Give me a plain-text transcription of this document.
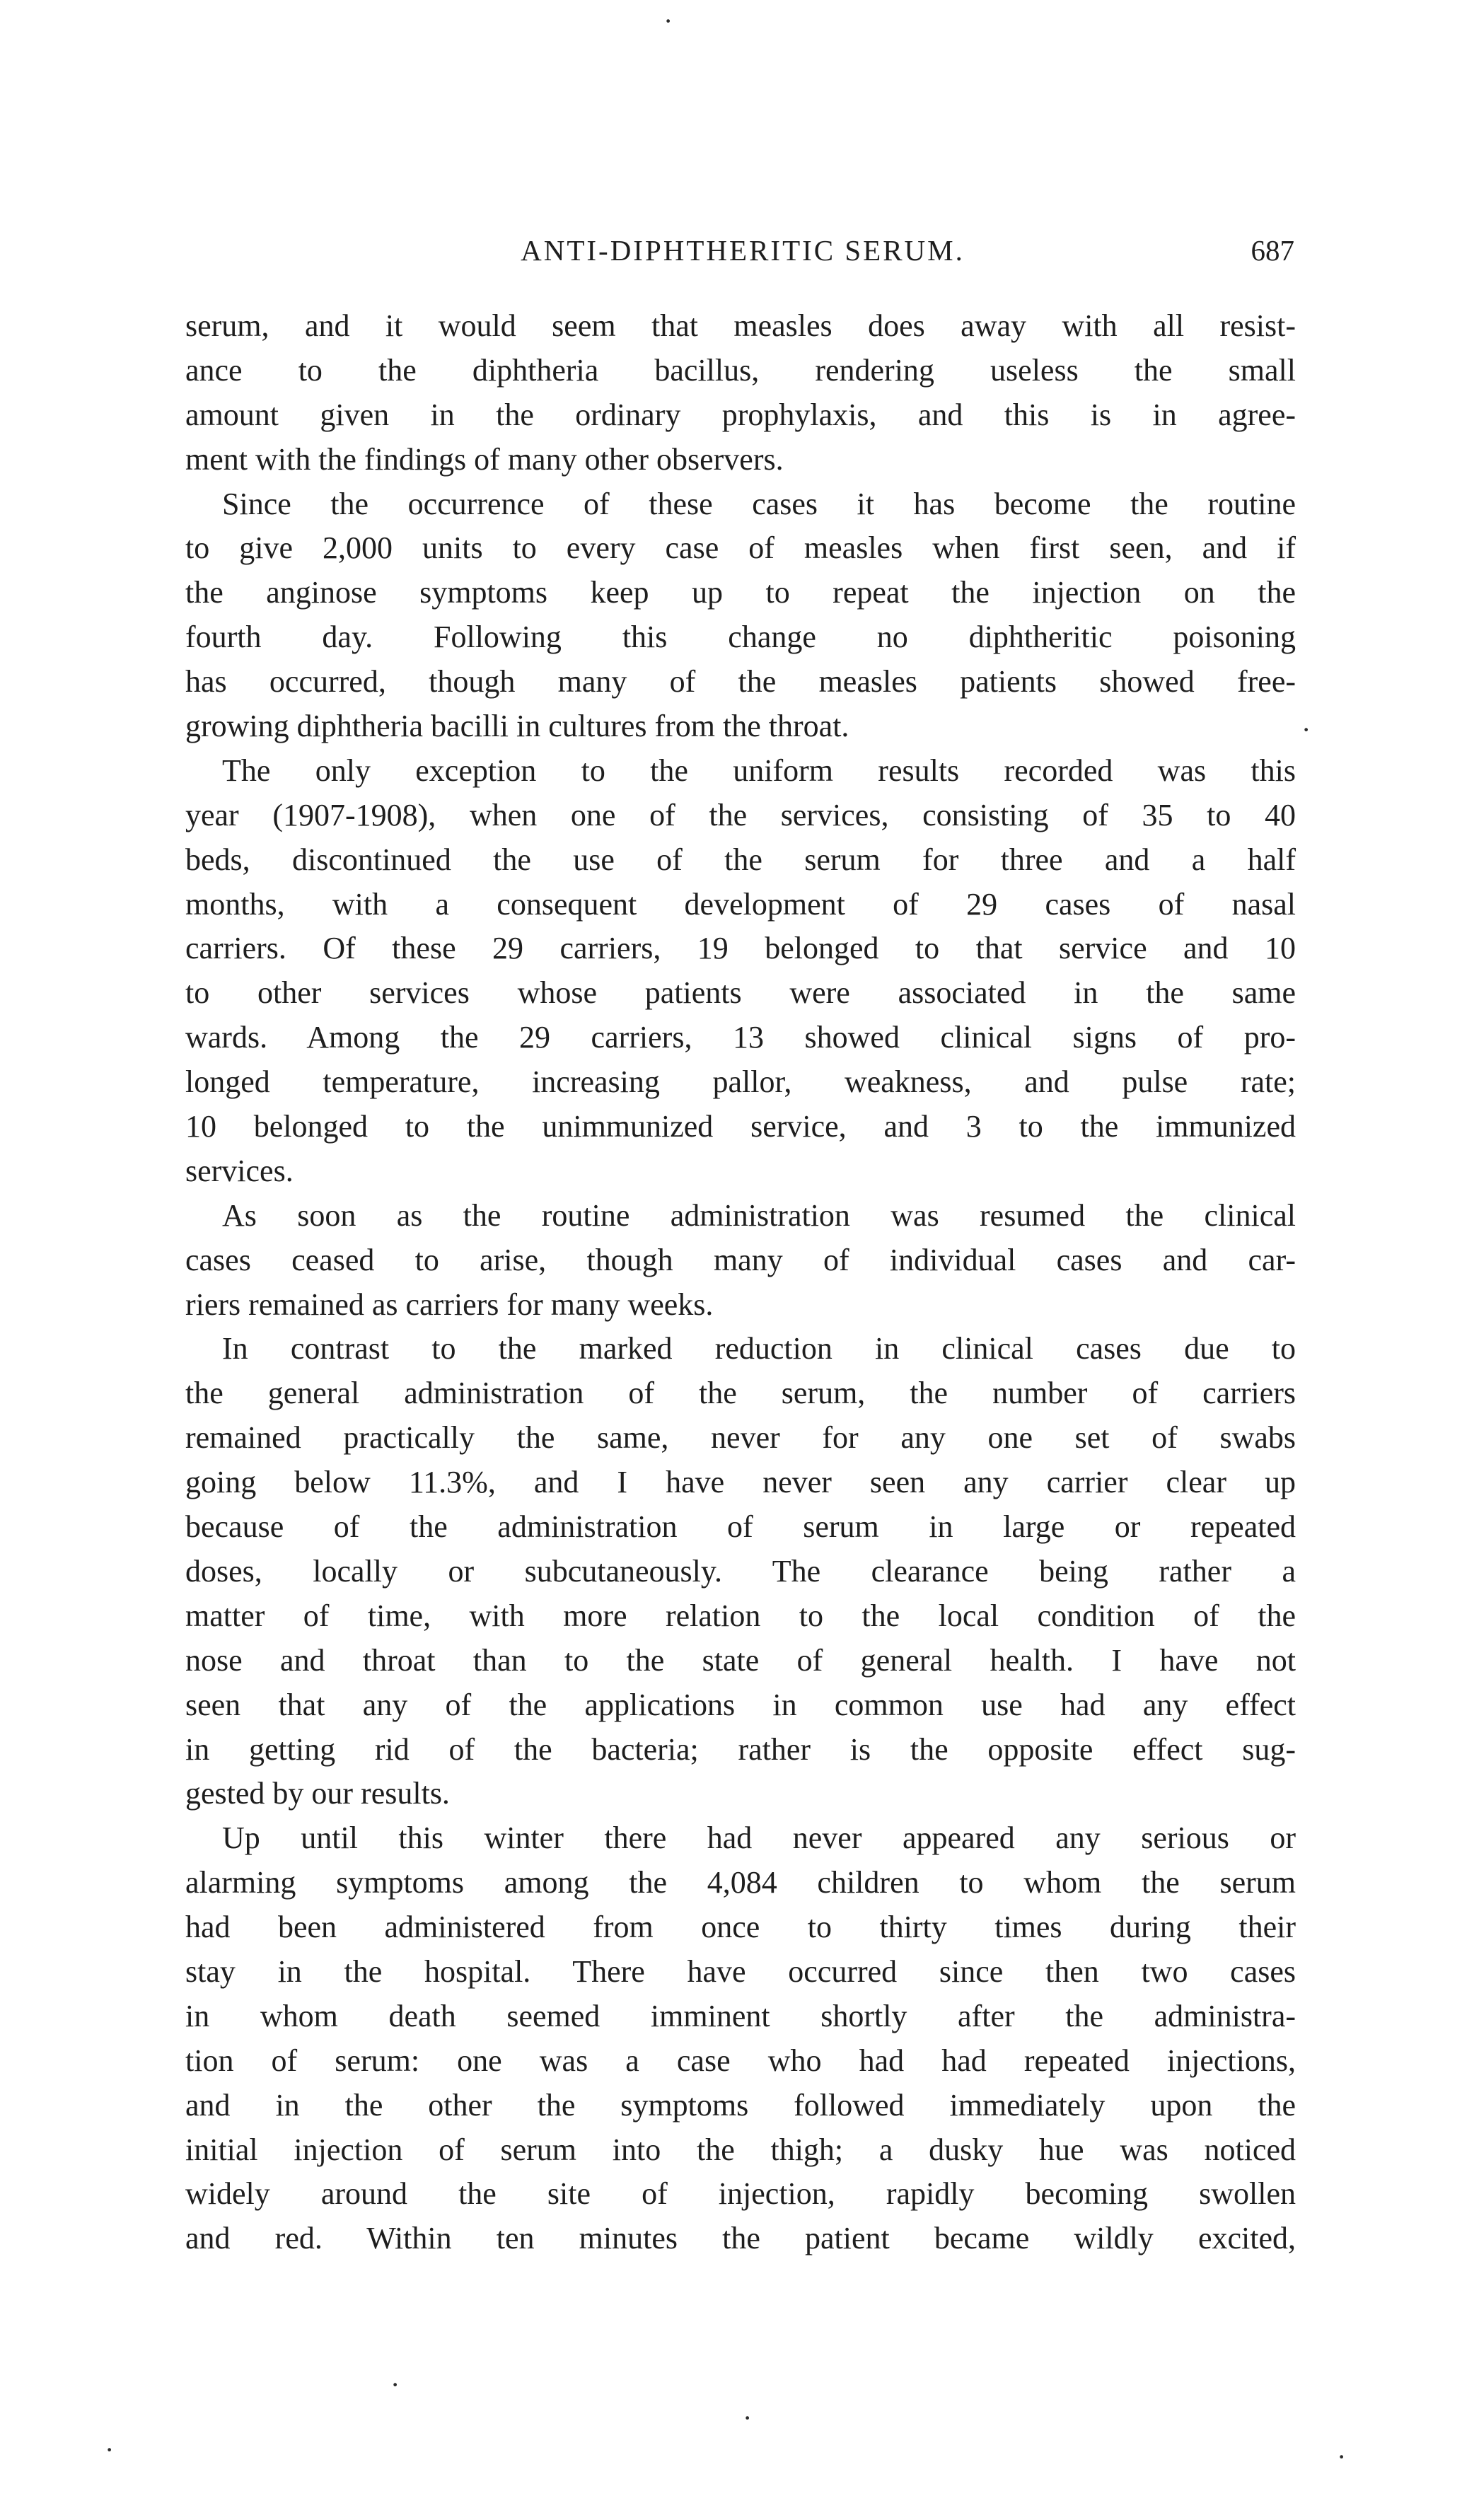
ANTI-DIPHTHERITIC SERUM.	687
serum, and it would seem that measles does away with all resist-
ance to the diphtheria bacillus, rendering useless the small
amount given in the ordinary prophylaxis, and this is in agree-
ment with the findings of many other observers.
Since the occurrence of these cases it has become the routine
to give 2,000 units to every case of measles when first seen, and if
the anginose symptoms keep up to repeat the injection on the
fourth day. Following this change no diphtheritic poisoning
has occurred, though many of the measles patients showed free-
growing diphtheria bacilli in cultures from the throat.
The only exception to the uniform results recorded was this
year (1907-1908), when one of the services, consisting of 35 to 40
beds, discontinued the use of the serum for three and a half
months, with a consequent development of 29 cases of nasal
carriers. Of these 29 carriers, 19 belonged to that service and 10
to other services whose patients were associated in the same
wards. Among the 29 carriers, 13 showed clinical signs of pro-
longed temperature, increasing pallor, weakness, and pulse rate;
10 belonged to the unimmunized service, and 3 to the immunized
services.
As soon as the routine administration was resumed the clinical
cases ceased to arise, though many of individual cases and car-
riers remained as carriers for many weeks.
In contrast to the marked reduction in clinical cases due to
the general administration of the serum, the number of carriers
remained practically the same, never for any one set of swabs
going below 11.3%, and I have never seen any carrier clear up
because of the administration of serum in large or repeated
doses, locally or subcutaneously. The clearance being rather a
matter of time, with more relation to the local condition of the
nose and throat than to the state of general health. I have not
seen that any of the applications in common use had any effect
in getting rid of the bacteria; rather is the opposite effect sug-
gested by our results.
Up until this winter there had never appeared any serious or
alarming symptoms among the 4,084 children to whom the serum
had been administered from once to thirty times during their
stay in the hospital. There have occurred since then two cases
in whom death seemed imminent shortly after the administra-
tion of serum: one was a case who had had repeated injections,
and in the other the symptoms followed immediately upon the
initial injection of serum into the thigh; a dusky hue was noticed
widely around the site of injection, rapidly becoming swollen
and red. Within ten minutes the patient became wildly excited,
·
·
·
·
·	·
